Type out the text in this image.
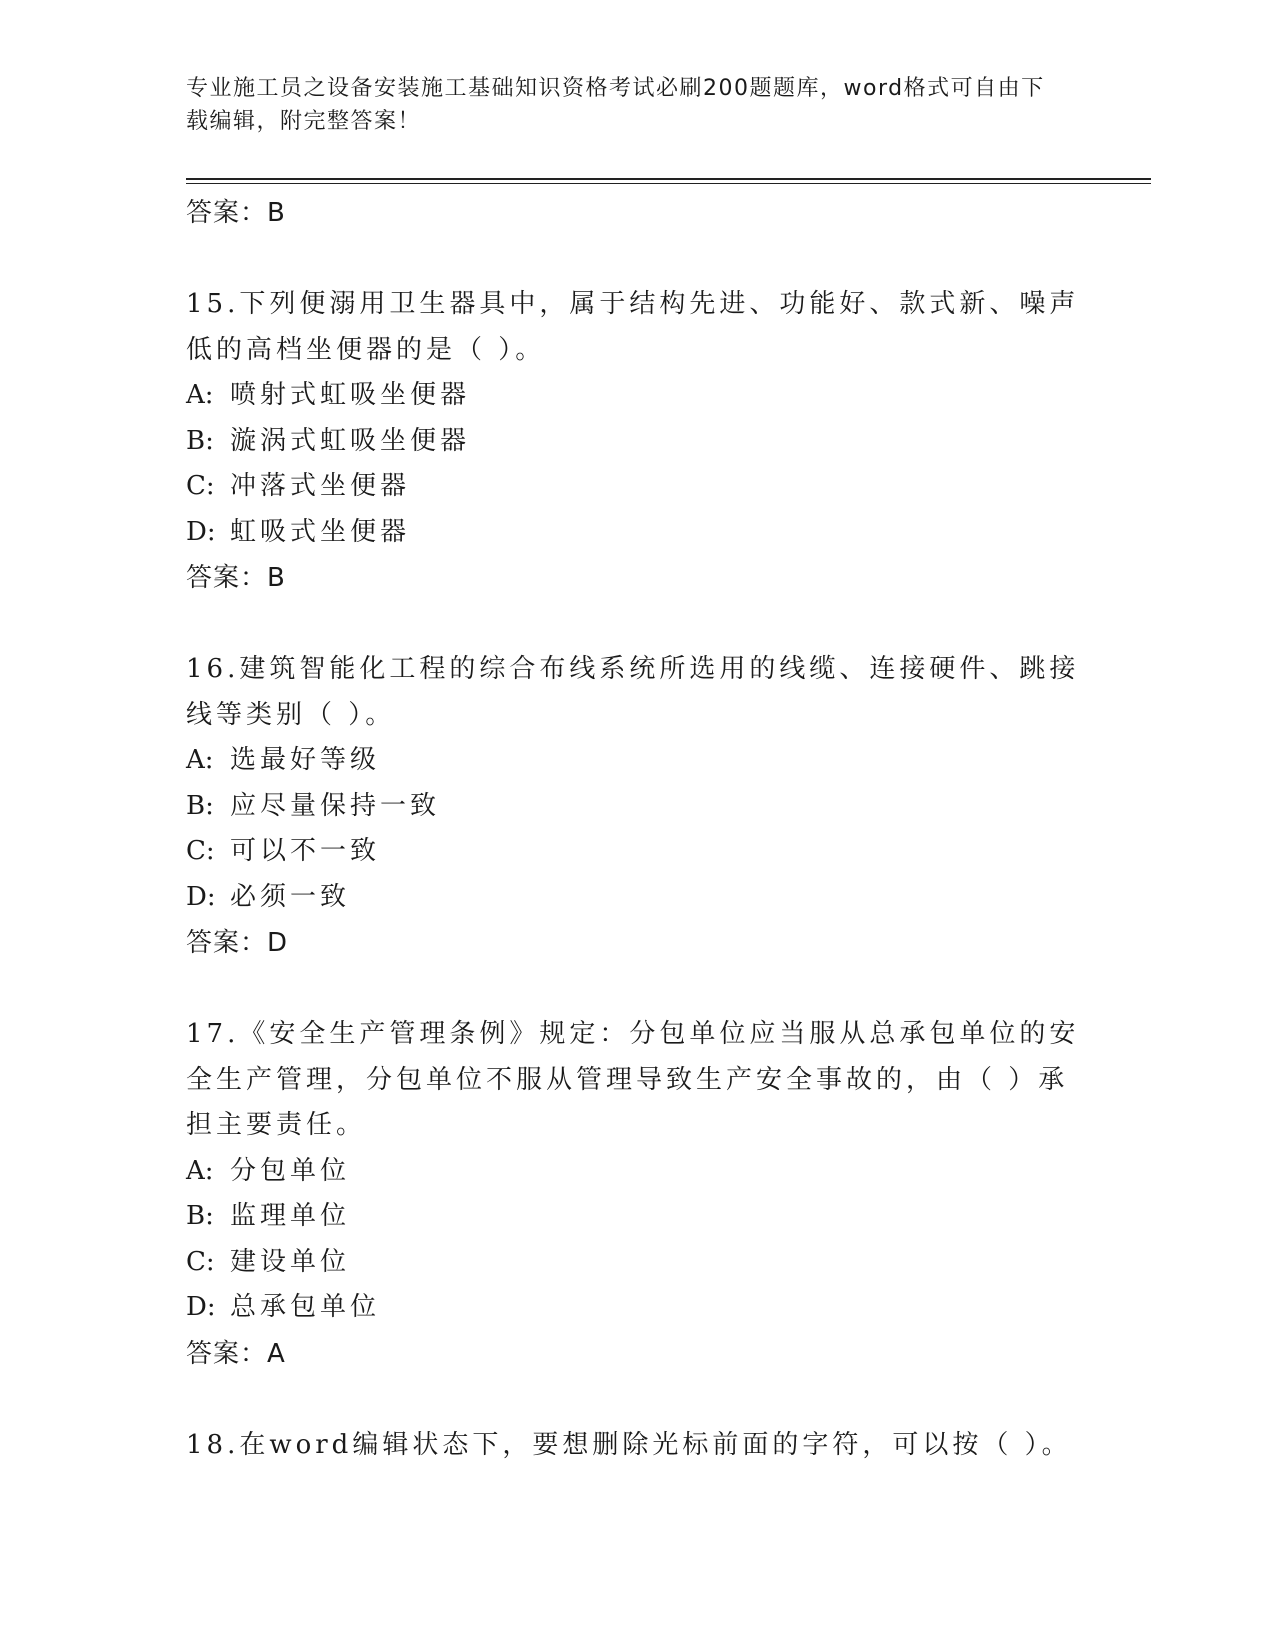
专业施工员之设备安装施工基础知识资格考试必刷200题题库，word格式可自由下载编辑，附完整答案！

答案：B

15.下列便溺用卫生器具中，属于结构先进、功能好、款式新、噪声低的高档坐便器的是（ ）。

A: 喷射式虹吸坐便器

B: 漩涡式虹吸坐便器

C: 冲落式坐便器

D: 虹吸式坐便器

答案：B

16.建筑智能化工程的综合布线系统所选用的线缆、连接硬件、跳接线等类别（ ）。

A: 选最好等级

B: 应尽量保持一致

C: 可以不一致

D: 必须一致

答案：D

17.《安全生产管理条例》规定：分包单位应当服从总承包单位的安全生产管理，分包单位不服从管理导致生产安全事故的，由（ ）承担主要责任。

A: 分包单位

B: 监理单位

C: 建设单位

D: 总承包单位

答案：A

18.在word编辑状态下，要想删除光标前面的字符，可以按（ ）。
